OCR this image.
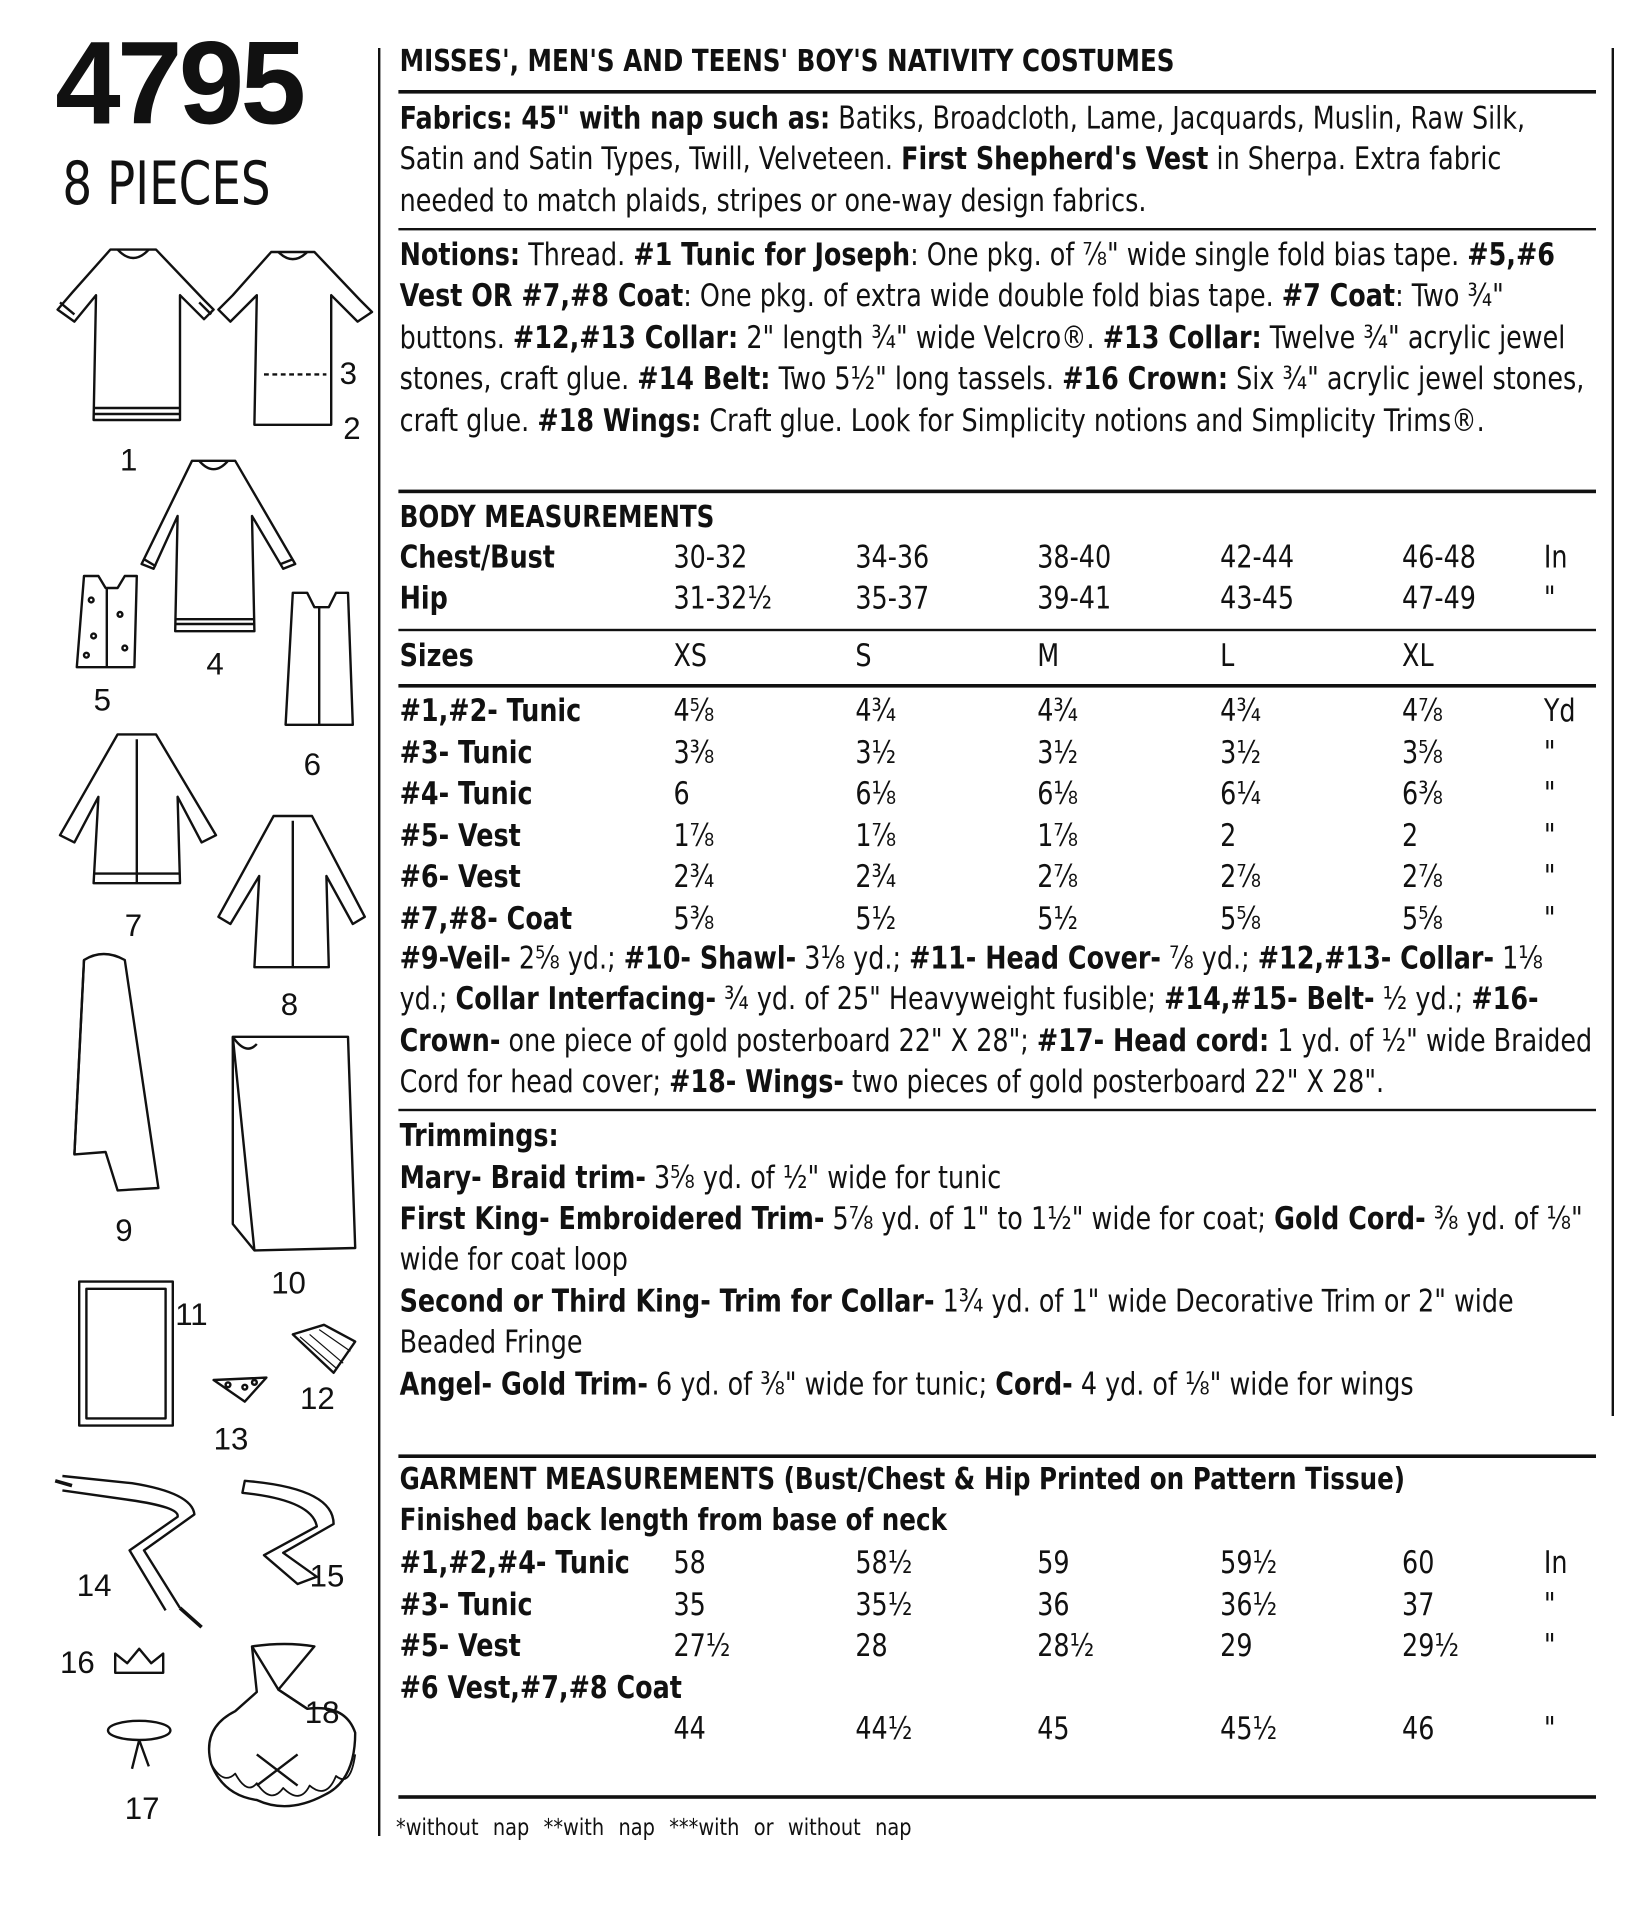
4795
8 PIECES
1
2
3
4
5
6
7
8
9
10
11
12
13
14	15
16
17
18
MISSES', MEN'S AND TEENS' BOY'S NATIVITY COSTUMES
Fabrics: 45" with nap such as: Batiks, Broadcloth, Lame, Jacquards, Muslin, Raw Silk, Satin and Satin Types, Twill, Velveteen. First Shepherd's Vest in Sherpa. Extra fabric needed to match plaids, stripes or one-way design fabrics.
Notions: Thread. #1 Tunic for Joseph: One pkg. of ⅞" wide single fold bias tape. #5,#6 Vest OR #7,#8 Coat: One pkg. of extra wide double fold bias tape. #7 Coat: Two ¾" buttons. #12,#13 Collar: 2" length ¾" wide Velcro®. #13 Collar: Twelve ¾" acrylic jewel stones, craft glue. #14 Belt: Two 5½" long tassels. #16 Crown: Six ¾" acrylic jewel stones, craft glue. #18 Wings: Craft glue. Look for Simplicity notions and Simplicity Trims®.
BODY MEASUREMENTS
Chest/Bust	30-32	34-36	38-40	42-44	46-48	In
Hip	31-32½	35-37	39-41	43-45	47-49	"
Sizes	XS	S	M	L	XL
#1,#2- Tunic	4⅝	4¾	4¾	4¾	4⅞	Yd
#3- Tunic	3⅜	3½	3½	3½	3⅝	"
#4- Tunic	6	6⅛	6⅛	6¼	6⅜	"
#5- Vest	1⅞	1⅞	1⅞	2	2	"
#6- Vest	2¾	2¾	2⅞	2⅞	2⅞	"
#7,#8- Coat	5⅜	5½	5½	5⅝	5⅝	"
#9-Veil- 2⅝ yd.; #10- Shawl- 3⅛ yd.; #11- Head Cover- ⅞ yd.; #12,#13- Collar- 1⅛ yd.; Collar Interfacing- ¾ yd. of 25" Heavyweight fusible; #14,#15- Belt- ½ yd.; #16- Crown- one piece of gold posterboard 22" X 28"; #17- Head cord: 1 yd. of ½" wide Braided Cord for head cover; #18- Wings- two pieces of gold posterboard 22" X 28".
Trimmings:
Mary- Braid trim- 3⅝ yd. of ½" wide for tunic
First King- Embroidered Trim- 5⅞ yd. of 1" to 1½" wide for coat; Gold Cord- ⅜ yd. of ⅛" wide for coat loop
Second or Third King- Trim for Collar- 1¾ yd. of 1" wide Decorative Trim or 2" wide Beaded Fringe
Angel- Gold Trim- 6 yd. of ⅜" wide for tunic; Cord- 4 yd. of ⅛" wide for wings
GARMENT MEASUREMENTS (Bust/Chest & Hip Printed on Pattern Tissue)
Finished back length from base of neck
#1,#2,#4- Tunic 58	58½	59	59½	60	In
#3- Tunic	35	35½	36	36½	37	"
#5- Vest	27½	28	28½	29	29½	"
#6 Vest,#7,#8 Coat
44	44½	45	45½	46	"
*without nap **with nap ***with or without nap
